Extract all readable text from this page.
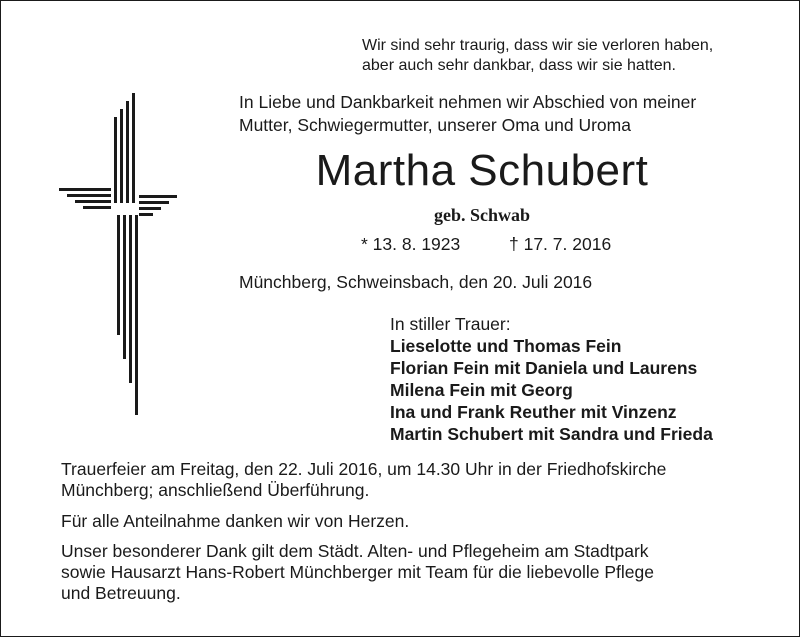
Wir sind sehr traurig, dass wir sie verloren haben,
aber auch sehr dankbar, dass wir sie hatten.

In Liebe und Dankbarkeit nehmen wir Abschied von meiner
Mutter, Schwiegermutter, unserer Oma und Uroma

Martha Schubert
geb. Schwab
* 13. 8. 1923	† 17. 7. 2016
Münchberg, Schweinsbach, den 20. Juli 2016
In stiller Trauer:
Lieselotte und Thomas Fein
Florian Fein mit Daniela und Laurens
Milena Fein mit Georg
Ina und Frank Reuther mit Vinzenz
Martin Schubert mit Sandra und Frieda

Trauerfeier am Freitag, den 22. Juli 2016, um 14.30 Uhr in der Friedhofskirche
Münchberg; anschließend Überführung.

Für alle Anteilnahme danken wir von Herzen.

Unser besonderer Dank gilt dem Städt. Alten- und Pflegeheim am Stadtpark
sowie Hausarzt Hans-Robert Münchberger mit Team für die liebevolle Pflege
und Betreuung.
